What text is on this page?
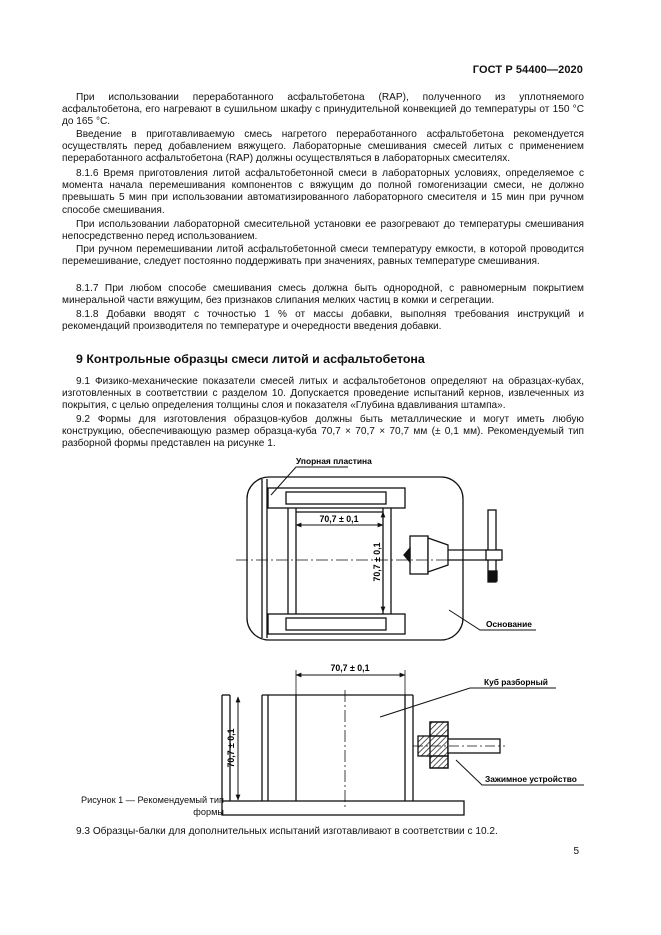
ГОСТ Р 54400—2020

При использовании переработанного асфальтобетона (RAP), полученного из уплотняемого асфальтобетона, его нагревают в сушильном шкафу с принудительной конвекцией до температуры от 150 °С до 165 °С.

Введение в приготавливаемую смесь нагретого переработанного асфальтобетона рекомендуется осуществлять перед добавлением вяжущего. Лабораторные смешивания смесей литых с применением переработанного асфальтобетона (RAP) должны осуществляться в лабораторных смесителях.

8.1.6 Время приготовления литой асфальтобетонной смеси в лабораторных условиях, определяемое с момента начала перемешивания компонентов с вяжущим до полной гомогенизации смеси, не должно превышать 5 мин при использовании автоматизированного лабораторного смесителя и 15 мин при ручном способе смешивания.

При использовании лабораторной смесительной установки ее разогревают до температуры смешивания непосредственно перед использованием.

При ручном перемешивании литой асфальтобетонной смеси температуру емкости, в которой проводится перемешивание, следует постоянно поддерживать при значениях, равных температуре смешивания.

8.1.7 При любом способе смешивания смесь должна быть однородной, с равномерным покрытием минеральной части вяжущим, без признаков слипания мелких частиц в комки и сегрегации.

8.1.8 Добавки вводят с точностью 1 % от массы добавки, выполняя требования инструкций и рекомендаций производителя по температуре и очередности введения добавки.

9 Контрольные образцы смеси литой и асфальтобетона

9.1 Физико-механические показатели смесей литых и асфальтобетонов определяют на образцах-кубах, изготовленных в соответствии с разделом 10. Допускается проведение испытаний кернов, извлеченных из покрытия, с целью определения толщины слоя и показателя «Глубина вдавливания штампа».

9.2 Формы для изготовления образцов-кубов должны быть металлические и могут иметь любую конструкцию, обеспечивающую размер образца-куба 70,7 × 70,7 × 70,7 мм (± 0,1 мм). Рекомендуемый тип разборной формы представлен на рисунке 1.

Упорная пластина
Основание
Куб разборный
Зажимное устройство
70,7 ± 0,1
70,7 ± 0,1
70,7 ± 0,1
70,7 ± 0,1
Рисунок 1 — Рекомендуемый тип формы

9.3 Образцы-балки для дополнительных испытаний изготавливают в соответствии с 10.2.

5
